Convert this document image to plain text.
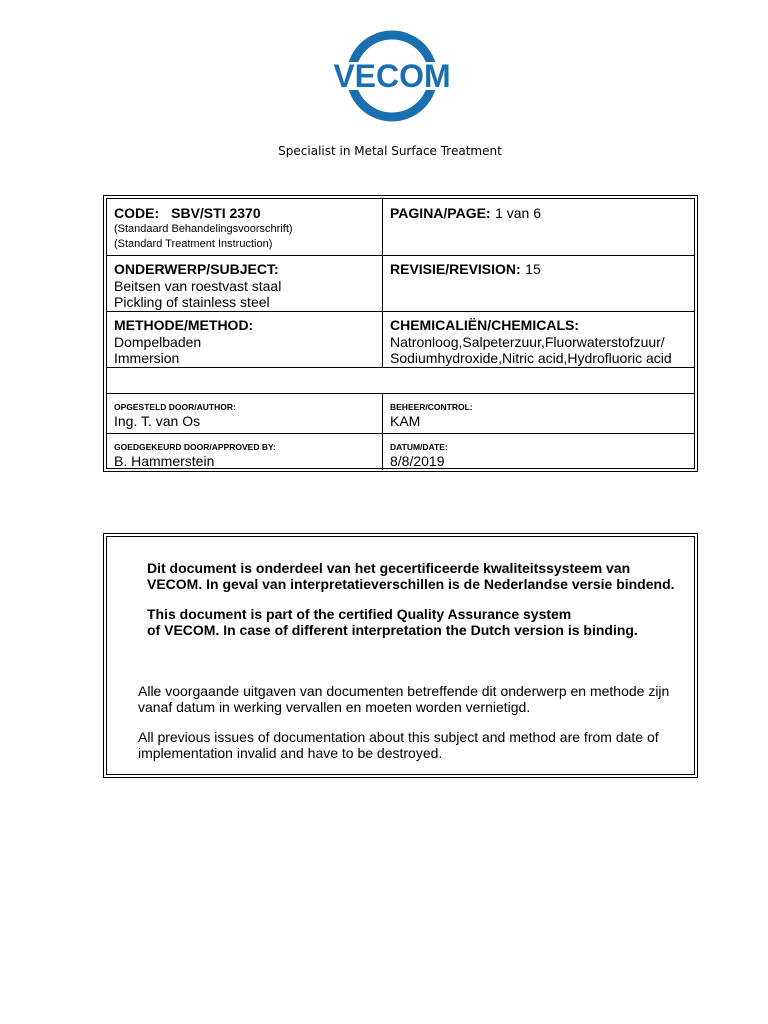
VECOM
Specialist in Metal Surface Treatment
CODE: SBV/STI 2370
(Standaard Behandelingsvoorschrift)
(Standard Treatment Instruction)
PAGINA/PAGE: 1 van 6
ONDERWERP/SUBJECT:
Beitsen van roestvast staal
Pickling of stainless steel
REVISIE/REVISION: 15
METHODE/METHOD:
Dompelbaden
Immersion
CHEMICALIËN/CHEMICALS:
Natronloog,Salpeterzuur,Fluorwaterstofzuur/
Sodiumhydroxide,Nitric acid,Hydrofluoric acid
OPGESTELD DOOR/AUTHOR:
Ing. T. van Os
BEHEER/CONTROL:
KAM
GOEDGEKEURD DOOR/APPROVED BY:
B. Hammerstein
DATUM/DATE:
8/8/2019
Dit document is onderdeel van het gecertificeerde kwaliteitssysteem van
VECOM. In geval van interpretatieverschillen is de Nederlandse versie bindend.
This document is part of the certified Quality Assurance system
of VECOM. In case of different interpretation the Dutch version is binding.
Alle voorgaande uitgaven van documenten betreffende dit onderwerp en methode zijn
vanaf datum in werking vervallen en moeten worden vernietigd.
All previous issues of documentation about this subject and method are from date of
implementation invalid and have to be destroyed.
